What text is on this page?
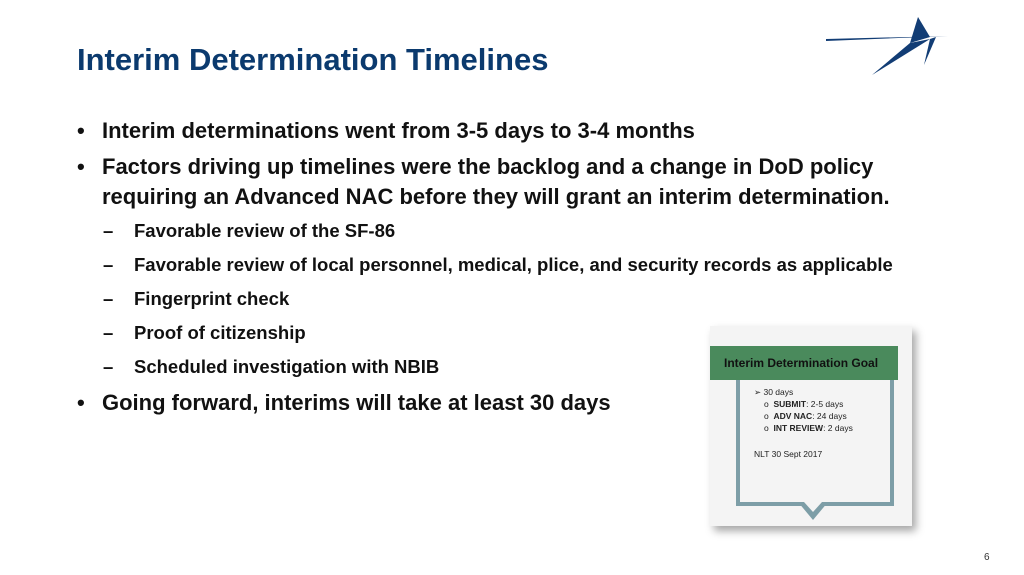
Interim Determination Timelines
• Interim determinations went from 3-5 days to 3-4 months
• Factors driving up timelines were the backlog and a change in DoD policy requiring an Advanced NAC before they will grant an interim determination.
– Favorable review of the SF-86
– Favorable review of local personnel, medical, plice, and security records as applicable
– Fingerprint check
– Proof of citizenship
– Scheduled investigation with NBIB
• Going forward, interims will take at least 30 days
Interim Determination Goal
➢ 30 days
o SUBMIT: 2-5 days
o ADV NAC: 24 days
o INT REVIEW: 2 days
NLT 30 Sept 2017
6
